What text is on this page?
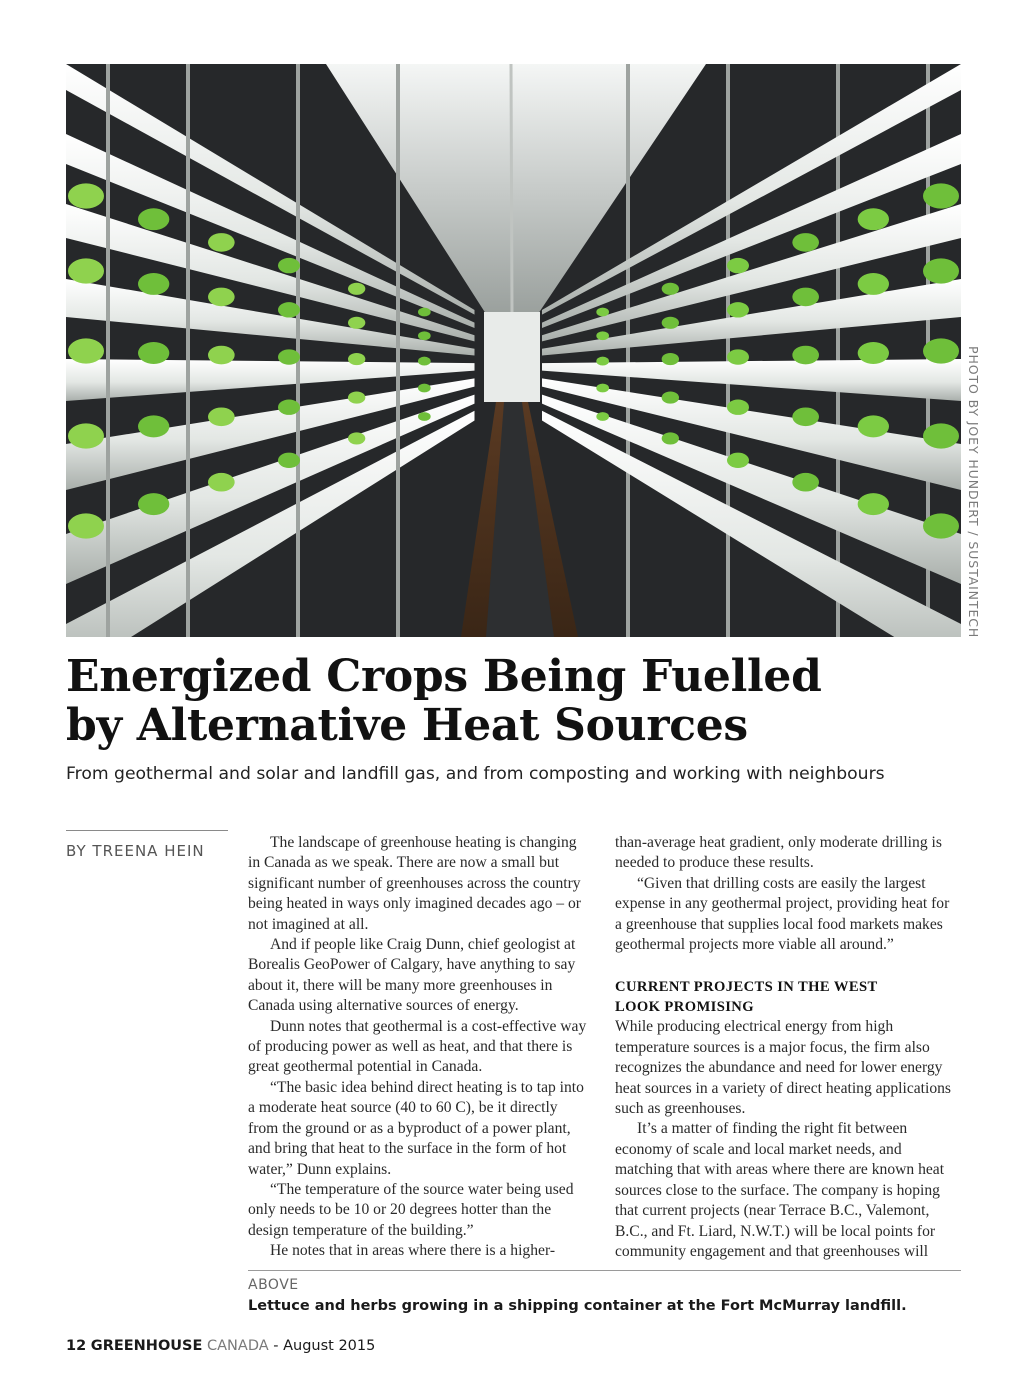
PHOTO BY JOEY HUNDERT / SUSTAINTECH
Energized Crops Being Fuelled
by Alternative Heat Sources
From geothermal and solar and landfill gas, and from composting and working with neighbours
BY TREENA HEIN	The landscape of greenhouse heating is changing

in Canada as we speak. There are now a small but

significant number of greenhouses across the country

being heated in ways only imagined decades ago – or

not imagined at all.

And if people like Craig Dunn, chief geologist at

Borealis GeoPower of Calgary, have anything to say

about it, there will be many more greenhouses in

Canada using alternative sources of energy.

Dunn notes that geothermal is a cost-effective way

of producing power as well as heat, and that there is

great geothermal potential in Canada.

“The basic idea behind direct heating is to tap into

a moderate heat source (40 to 60 C), be it directly

from the ground or as a byproduct of a power plant,

and bring that heat to the surface in the form of hot

water,” Dunn explains.

“The temperature of the source water being used

only needs to be 10 or 20 degrees hotter than the

design temperature of the building.”

He notes that in areas where there is a higher-

than-average heat gradient, only moderate drilling is

needed to produce these results.

“Given that drilling costs are easily the largest

expense in any geothermal project, providing heat for

a greenhouse that supplies local food markets makes

geothermal projects more viable all around.”

CURRENT PROJECTS IN THE WEST
LOOK PROMISING

While producing electrical energy from high

temperature sources is a major focus, the firm also

recognizes the abundance and need for lower energy

heat sources in a variety of direct heating applications

such as greenhouses.

It’s a matter of finding the right fit between

economy of scale and local market needs, and

matching that with areas where there are known heat

sources close to the surface. The company is hoping

that current projects (near Terrace B.C., Valemont,

B.C., and Ft. Liard, N.W.T.) will be local points for

community engagement and that greenhouses will

ABOVE
Lettuce and herbs growing in a shipping container at the Fort McMurray landfill.
12 GREENHOUSE CANADA - August 2015
